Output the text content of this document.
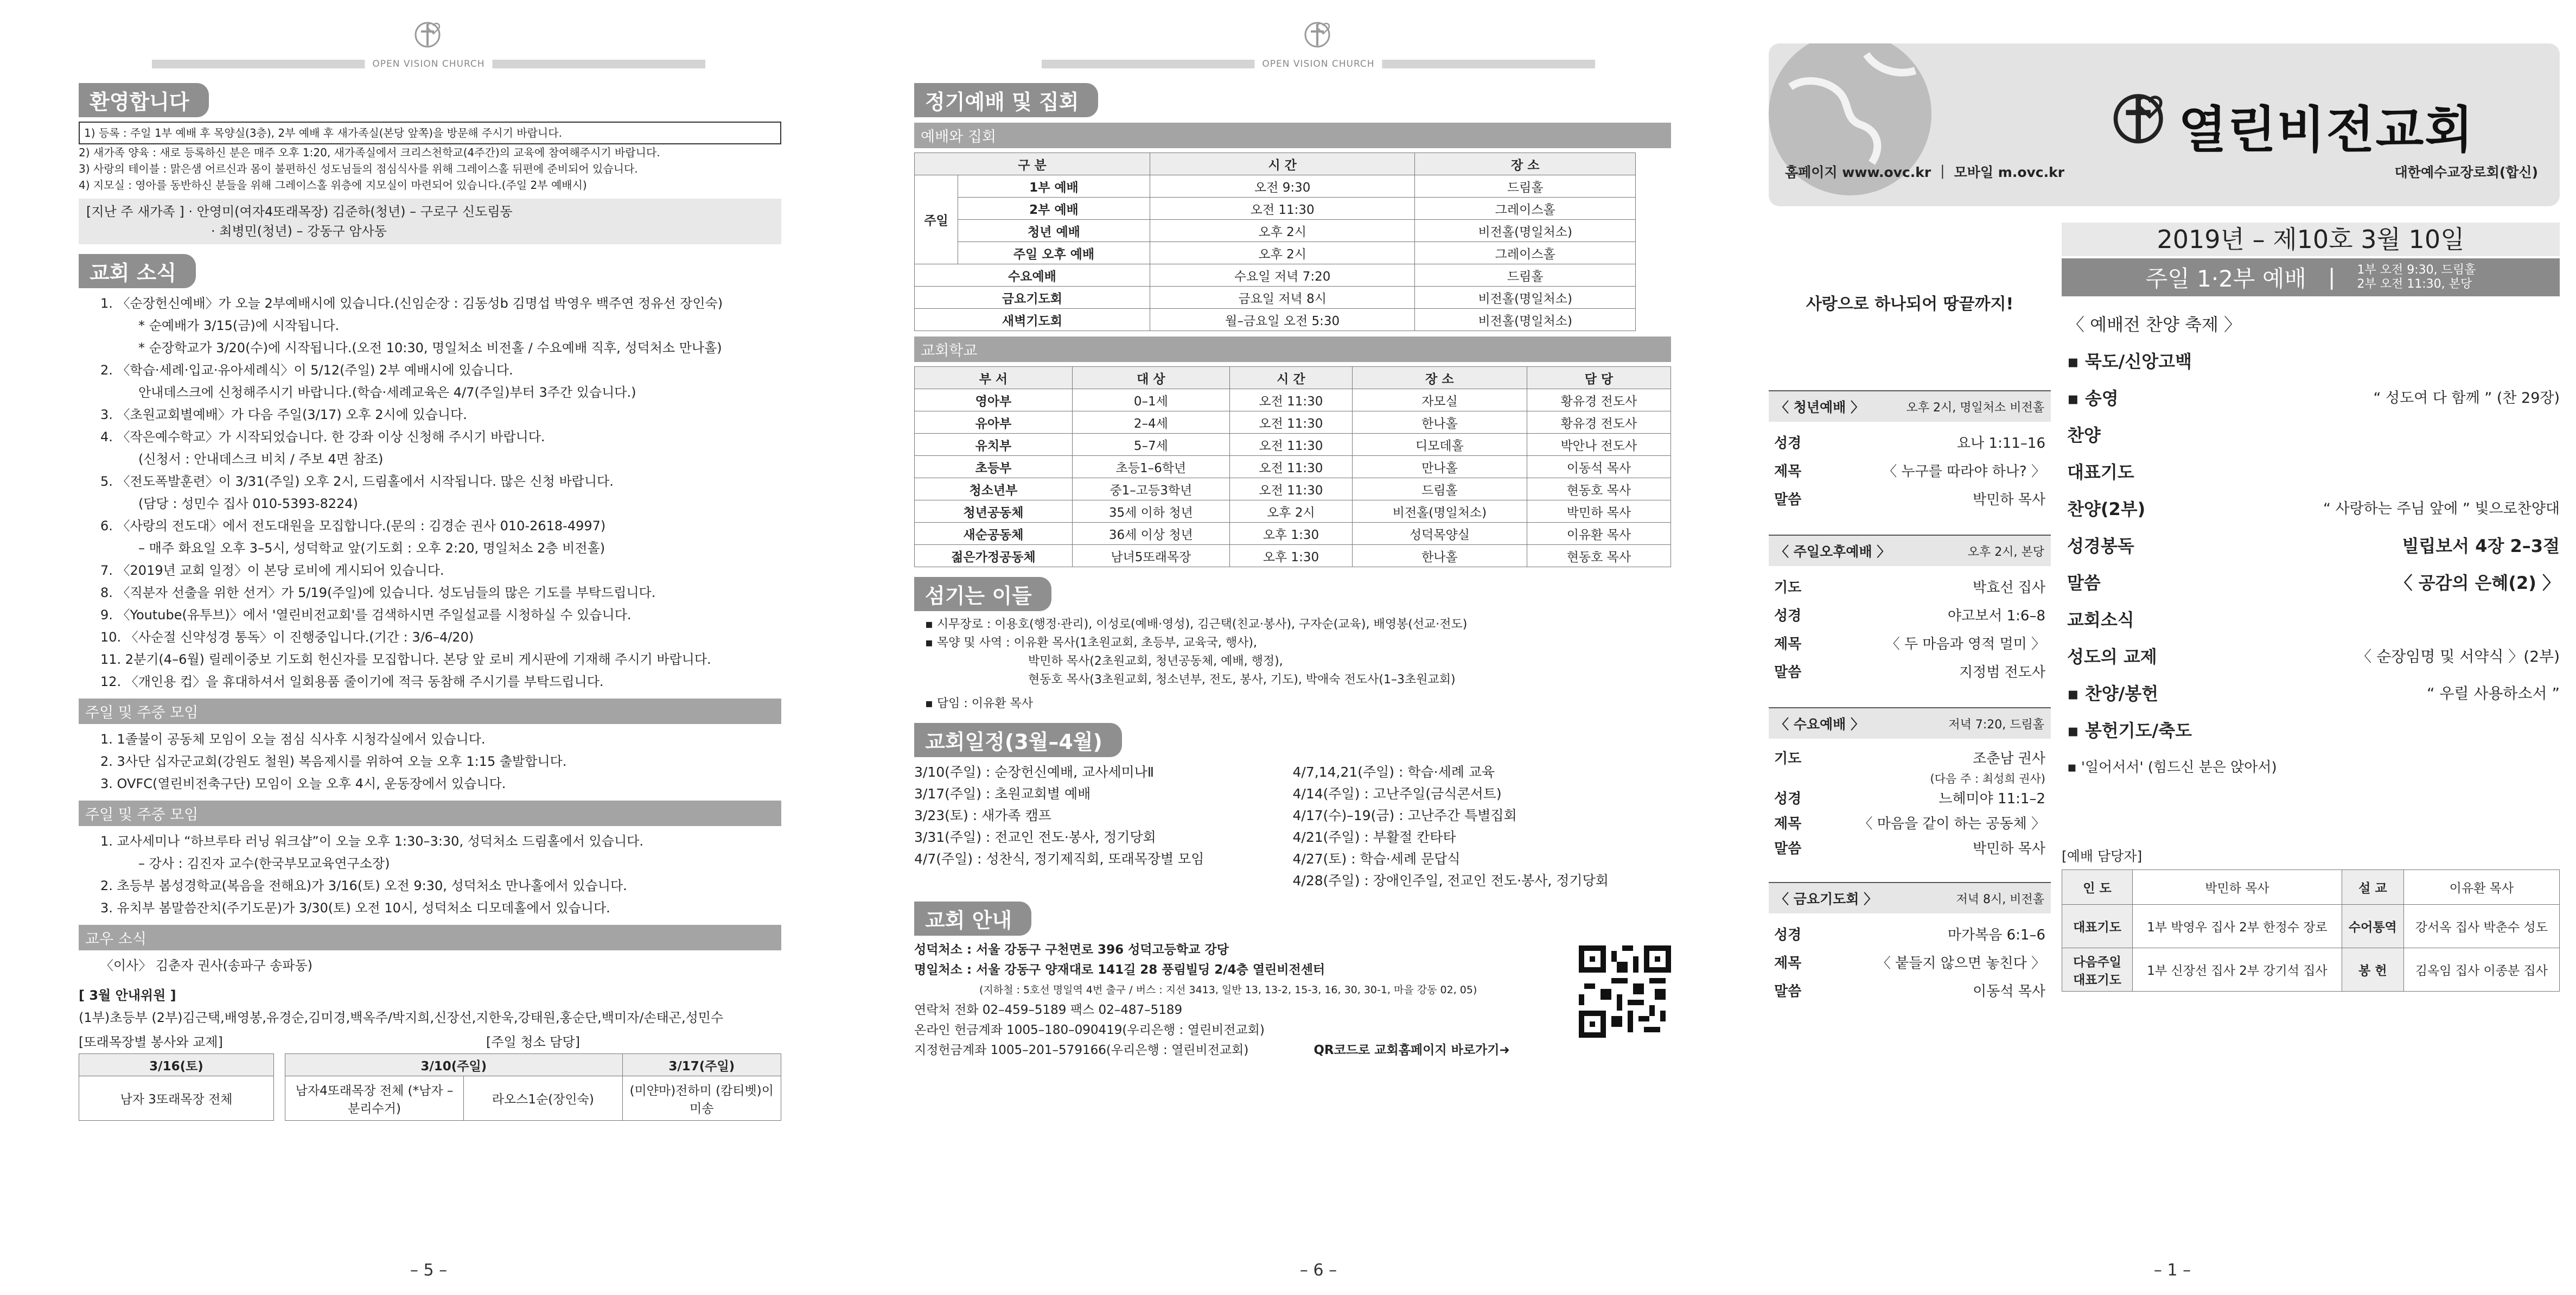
OPEN VISION CHURCH
환영합니다
1) 등록 : 주일 1부 예배 후 목양실(3층), 2부 예배 후 새가족실(본당 앞쪽)을 방문해 주시기 바랍니다.
2) 새가족 양육 : 새로 등록하신 분은 매주 오후 1:20, 새가족실에서 크리스천학교(4주간)의 교육에 참여해주시기 바랍니다.
3) 사랑의 테이블 : 맑은샘 어르신과 몸이 불편하신 성도님들의 점심식사를 위해 그레이스홀 뒤편에 준비되어 있습니다.
4) 지모실 : 영아를 동반하신 분들을 위해 그레이스홀 위층에 지모실이 마련되어 있습니다.(주일 2부 예배시)
[지난 주 새가족 ] · 안영미(여자4또래목장) 김준하(청년) – 구로구 신도림동
· 최병민(청년) – 강동구 암사동
교회 소식
1. 〈순장헌신예배〉가 오늘 2부예배시에 있습니다.(신임순장 : 김동성b 김명섭 박영우 백주연 정유선 장인숙)
* 순예배가 3/15(금)에 시작됩니다.
* 순장학교가 3/20(수)에 시작됩니다.(오전 10:30, 명일처소 비전홀 / 수요예배 직후, 성덕처소 만나홀)
2. 〈학습·세례·입교·유아세례식〉이 5/12(주일) 2부 예배시에 있습니다.
안내데스크에 신청해주시기 바랍니다.(학습·세례교육은 4/7(주일)부터 3주간 있습니다.)
3. 〈초원교회별예배〉가 다음 주일(3/17) 오후 2시에 있습니다.
4. 〈작은예수학교〉가 시작되었습니다. 한 강좌 이상 신청해 주시기 바랍니다.
(신청서 : 안내데스크 비치 / 주보 4면 참조)
5. 〈전도폭발훈련〉이 3/31(주일) 오후 2시, 드림홀에서 시작됩니다. 많은 신청 바랍니다.
(담당 : 성민수 집사 010-5393-8224)
6. 〈사랑의 전도대〉에서 전도대원을 모집합니다.(문의 : 김경순 권사 010-2618-4997)
– 매주 화요일 오후 3–5시, 성덕학교 앞(기도회 : 오후 2:20, 명일처소 2층 비전홀)
7. 〈2019년 교회 일정〉이 본당 로비에 게시되어 있습니다.
8. 〈직분자 선출을 위한 선거〉가 5/19(주일)에 있습니다. 성도님들의 많은 기도를 부탁드립니다.
9. 〈Youtube(유투브)〉에서 '열린비전교회'를 검색하시면 주일설교를 시청하실 수 있습니다.
10. 〈사순절 신약성경 통독〉이 진행중입니다.(기간 : 3/6–4/20)
11. 2분기(4–6월) 릴레이중보 기도회 헌신자를 모집합니다. 본당 앞 로비 게시판에 기재해 주시기 바랍니다.
12. 〈개인용 컵〉을 휴대하셔서 일회용품 줄이기에 적극 동참해 주시기를 부탁드립니다.
주일 및 주중 모임
1. 1졸불이 공동체 모임이 오늘 점심 식사후 시청각실에서 있습니다.
2. 3사단 십자군교회(강원도 철원) 복음제시를 위하여 오늘 오후 1:15 출발합니다.
3. OVFC(열린비전축구단) 모임이 오늘 오후 4시, 운동장에서 있습니다.
주일 및 주중 모임
1. 교사세미나 “하브루타 러닝 워크샵”이 오늘 오후 1:30–3:30, 성덕처소 드림홀에서 있습니다.
– 강사 : 김진자 교수(한국부모교육연구소장)
2. 초등부 봄성경학교(복음을 전해요)가 3/16(토) 오전 9:30, 성덕처소 만나홀에서 있습니다.
3. 유치부 봄말씀잔치(주기도문)가 3/30(토) 오전 10시, 성덕처소 디모데홀에서 있습니다.
교우 소식
〈이사〉 김춘자 권사(송파구 송파동)
[ 3월 안내위원 ]
(1부)초등부 (2부)김근택,배영봉,유경순,김미경,백옥주/박지희,신장선,지한욱,강태원,홍순단,백미자/손태곤,성민수
[또래목장별 봉사와 교제]
3/16(토)
남자 3또래목장 전체
[주일 청소 담당]
3/10(주일)		3/17(주일)
남자4또래목장 전체 (*남자 – 분리수거)	라오스1순(장인숙)	(미얀마)전하미 (캄티벳)이미송
– 5 –
OPEN VISION CHURCH
정기예배 및 집회
예배와 집회
구 분		시 간	장 소
주일	1부 예배	오전 9:30	드림홀
	2부 예배	오전 11:30	그레이스홀
	청년 예배	오후 2시	비전홀(명일처소)
	주일 오후 예배	오후 2시	그레이스홀
수요예배		수요일 저녁 7:20	드림홀
금요기도회		금요일 저녁 8시	비전홀(명일처소)
새벽기도회		월–금요일 오전 5:30	비전홀(명일처소)
교회학교
부 서	대 상	시 간	장 소	담 당
영아부	0–1세	오전 11:30	자모실	황유경 전도사
유아부	2–4세	오전 11:30	한나홀	황유경 전도사
유치부	5–7세	오전 11:30	디모데홀	박안나 전도사
초등부	초등1–6학년	오전 11:30	만나홀	이동석 목사
청소년부	중1–고등3학년	오전 11:30	드림홀	현동호 목사
청년공동체	35세 이하 청년	오후 2시	비전홀(명일처소)	박민하 목사
새순공동체	36세 이상 청년	오후 1:30	성덕목양실	이유환 목사
젊은가정공동체	남녀5또래목장	오후 1:30	한나홀	현동호 목사
섬기는 이들
▪ 시무장로 : 이용호(행정·관리), 이성로(예배·영성), 김근택(친교·봉사), 구자순(교육), 배영봉(선교·전도)
▪ 목양 및 사역 : 이유환 목사(1초원교회, 초등부, 교육국, 행사),
박민하 목사(2초원교회, 청년공동체, 예배, 행정),
현동호 목사(3초원교회, 청소년부, 전도, 봉사, 기도), 박애숙 전도사(1–3초원교회)
▪ 담임 : 이유환 목사
교회일정(3월–4월)
3/10(주일) : 순장헌신예배, 교사세미나Ⅱ
3/17(주일) : 초원교회별 예배
3/23(토) : 새가족 캠프
3/31(주일) : 전교인 전도·봉사, 정기당회
4/7(주일) : 성찬식, 정기제직회, 또래목장별 모임
4/7,14,21(주일) : 학습·세례 교육
4/14(주일) : 고난주일(금식콘서트)
4/17(수)–19(금) : 고난주간 특별집회
4/21(주일) : 부활절 칸타타
4/27(토) : 학습·세례 문답식
4/28(주일) : 장애인주일, 전교인 전도·봉사, 정기당회
교회 안내
성덕처소 : 서울 강동구 구천면로 396 성덕고등학교 강당
명일처소 : 서울 강동구 양재대로 141길 28 풍림빌딩 2/4층 열린비전센터
(지하철 : 5호선 명일역 4번 출구 / 버스 : 지선 3413, 일반 13, 13-2, 15-3, 16, 30, 30-1, 마을 강동 02, 05)
연락처 전화 02–459–5189 팩스 02–487–5189
온라인 헌금계좌 1005–180–090419(우리은행 : 열린비전교회)
지정헌금계좌 1005–201–579166(우리은행 : 열린비전교회)	QR코드로 교회홈페이지 바로가기➜
– 6 –
열린비전교회
홈페이지 www.ovc.kr ｜ 모바일 m.ovc.kr	대한예수교장로회(합신)
사랑으로 하나되어 땅끝까지!
〈 청년예배 〉	오후 2시, 명일처소 비전홀
성경	요나 1:11–16
제목	〈 누구를 따라야 하나? 〉
말씀	박민하 목사
〈 주일오후예배 〉	오후 2시, 본당
기도	박효선 집사
성경	야고보서 1:6–8
제목	〈 두 마음과 영적 멀미 〉
말씀	지정범 전도사
〈 수요예배 〉	저녁 7:20, 드림홀
기도	조춘남 권사
(다음 주 : 최성희 권사)
성경	느헤미야 11:1–2
제목	〈 마음을 같이 하는 공동체 〉
말씀	박민하 목사
〈 금요기도회 〉	저녁 8시, 비전홀
성경	마가복음 6:1–6
제목	〈 붙들지 않으면 놓친다 〉
말씀	이동석 목사
2019년 – 제10호 3월 10일
주일 1·2부 예배 | 1부 오전 9:30, 드림홀
2부 오전 11:30, 본당
〈 예배전 찬양 축제 〉
▪ 묵도/신앙고백
▪ 송영	“ 성도여 다 함께 ” (찬 29장)
찬양
대표기도
찬양(2부)	“ 사랑하는 주님 앞에 ” 빛으로찬양대
성경봉독	빌립보서 4장 2–3절
말씀	〈 공감의 은혜(2) 〉
교회소식
성도의 교제	〈 순장임명 및 서약식 〉(2부)
▪ 찬양/봉헌	“ 우릴 사용하소서 ”
▪ 봉헌기도/축도
▪ '일어서서' (힘드신 분은 앉아서)
[예배 담당자]
인 도	박민하 목사	설 교	이유환 목사
대표기도	1부 박영우 집사 2부 한정수 장로	수어통역	강서옥 집사 박춘수 성도
다음주일 대표기도	1부 신장선 집사 2부 강기석 집사	봉 헌	김옥임 집사 이종분 집사
– 1 –
